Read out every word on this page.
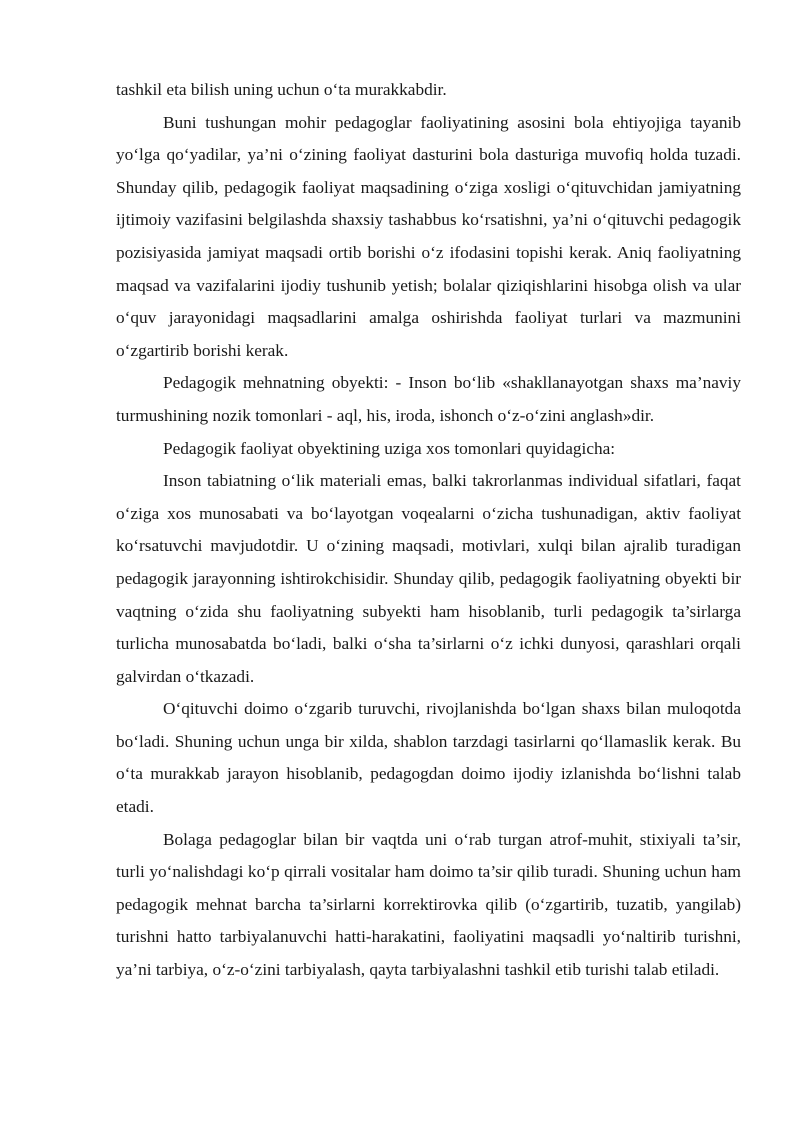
tashkil eta bilish uning uchun o‘ta murakkabdir.

Buni tushungan mohir pedagoglar faoliyatining asosini bola ehtiyojiga tayanib yo‘lga qo‘yadilar, ya’ni o‘zining faoliyat dasturini bola dasturiga muvofiq holda tuzadi. Shunday qilib, pedagogik faoliyat maqsadining o‘ziga xosligi o‘qituvchidan jamiyatning ijtimoiy vazifasini belgilashda shaxsiy tashabbus ko‘rsatishni, ya’ni o‘qituvchi pedagogik pozisiyasida jamiyat maqsadi ortib borishi o‘z ifodasini topishi kerak. Aniq faoliyatning maqsad va vazifalarini ijodiy tushunib yetish; bolalar qiziqishlarini hisobga olish va ular o‘quv jarayonidagi maqsadlarini amalga oshirishda faoliyat turlari va mazmunini o‘zgartirib borishi kerak.

Pedagogik mehnatning obyekti: - Inson bo‘lib «shakllanayotgan shaxs ma’naviy turmushining nozik tomonlari - aql, his, iroda, ishonch o‘z-o‘zini anglash»dir.

Pedagogik faoliyat obyektining uziga xos tomonlari quyidagicha:

Inson tabiatning o‘lik materiali emas, balki takrorlanmas individual sifatlari, faqat o‘ziga xos munosabati va bo‘layotgan voqealarni o‘zicha tushunadigan, aktiv faoliyat ko‘rsatuvchi mavjudotdir. U o‘zining maqsadi, motivlari, xulqi bilan ajralib turadigan pedagogik jarayonning ishtirokchisidir. Shunday qilib, pedagogik faoliyatning obyekti bir vaqtning o‘zida shu faoliyatning subyekti ham hisoblanib, turli pedagogik ta’sirlarga turlicha munosabatda bo‘ladi, balki o‘sha ta’sirlarni o‘z ichki dunyosi, qarashlari orqali galvirdan o‘tkazadi.

O‘qituvchi doimo o‘zgarib turuvchi, rivojlanishda bo‘lgan shaxs bilan muloqotda bo‘ladi. Shuning uchun unga bir xilda, shablon tarzdagi tasirlarni qo‘llamaslik kerak. Bu o‘ta murakkab jarayon hisoblanib, pedagogdan doimo ijodiy izlanishda bo‘lishni talab etadi.

Bolaga pedagoglar bilan bir vaqtda uni o‘rab turgan atrof-muhit, stixiyali ta’sir, turli yo‘nalishdagi ko‘p qirrali vositalar ham doimo ta’sir qilib turadi. Shuning uchun ham pedagogik mehnat barcha ta’sirlarni korrektirovka qilib (o‘zgartirib, tuzatib, yangilab) turishni hatto tarbiyalanuvchi hatti-harakatini, faoliyatini maqsadli yo‘naltirib turishni, ya’ni tarbiya, o‘z-o‘zini tarbiyalash, qayta tarbiyalashni tashkil etib turishi talab etiladi.
